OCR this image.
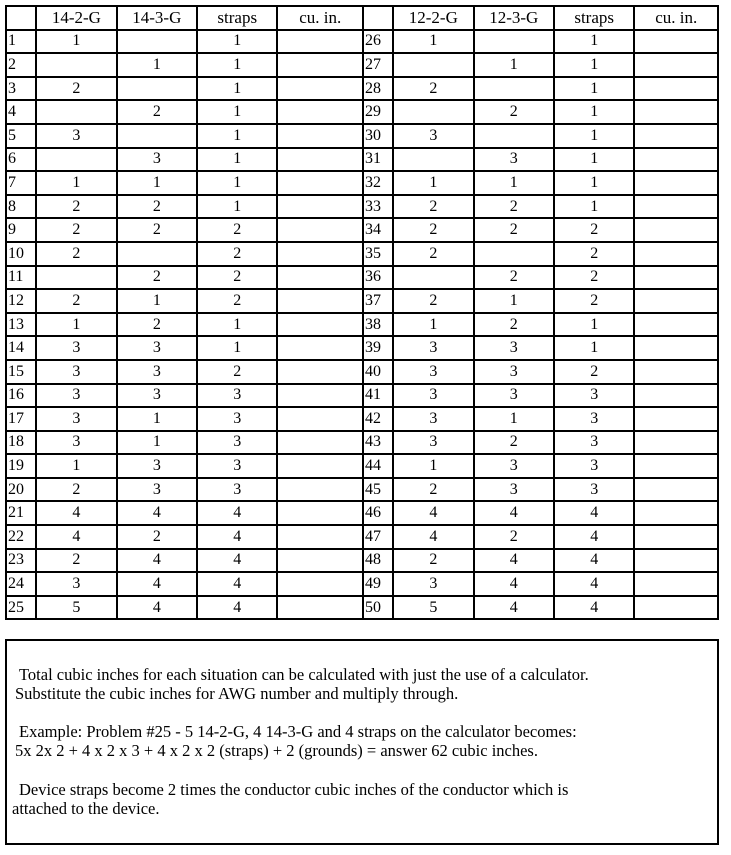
	14-2-G	14-3-G	straps	cu. in.		12-2-G	12-3-G	straps	cu. in.
1	1		1		26	1		1	
2		1	1		27		1	1	
3	2		1		28	2		1	
4		2	1		29		2	1	
5	3		1		30	3		1	
6		3	1		31		3	1	
7	1	1	1		32	1	1	1	
8	2	2	1		33	2	2	1	
9	2	2	2		34	2	2	2	
10	2		2		35	2		2	
11		2	2		36		2	2	
12	2	1	2		37	2	1	2	
13	1	2	1		38	1	2	1	
14	3	3	1		39	3	3	1	
15	3	3	2		40	3	3	2	
16	3	3	3		41	3	3	3	
17	3	1	3		42	3	1	3	
18	3	1	3		43	3	2	3	
19	1	3	3		44	1	3	3	
20	2	3	3		45	2	3	3	
21	4	4	4		46	4	4	4	
22	4	2	4		47	4	2	4	
23	2	4	4		48	2	4	4	
24	3	4	4		49	3	4	4	
25	5	4	4		50	5	4	4	

Total cubic inches for each situation can be calculated with just the use of a calculator.

Substitute the cubic inches for AWG number and multiply through.

Example: Problem #25 - 5 14-2-G, 4 14-3-G and 4 straps on the calculator becomes:

5x 2x 2 + 4 x 2 x 3 + 4 x 2 x 2 (straps) + 2 (grounds) = answer 62 cubic inches.

Device straps become 2 times the conductor cubic inches of the conductor which is

attached to the device.
